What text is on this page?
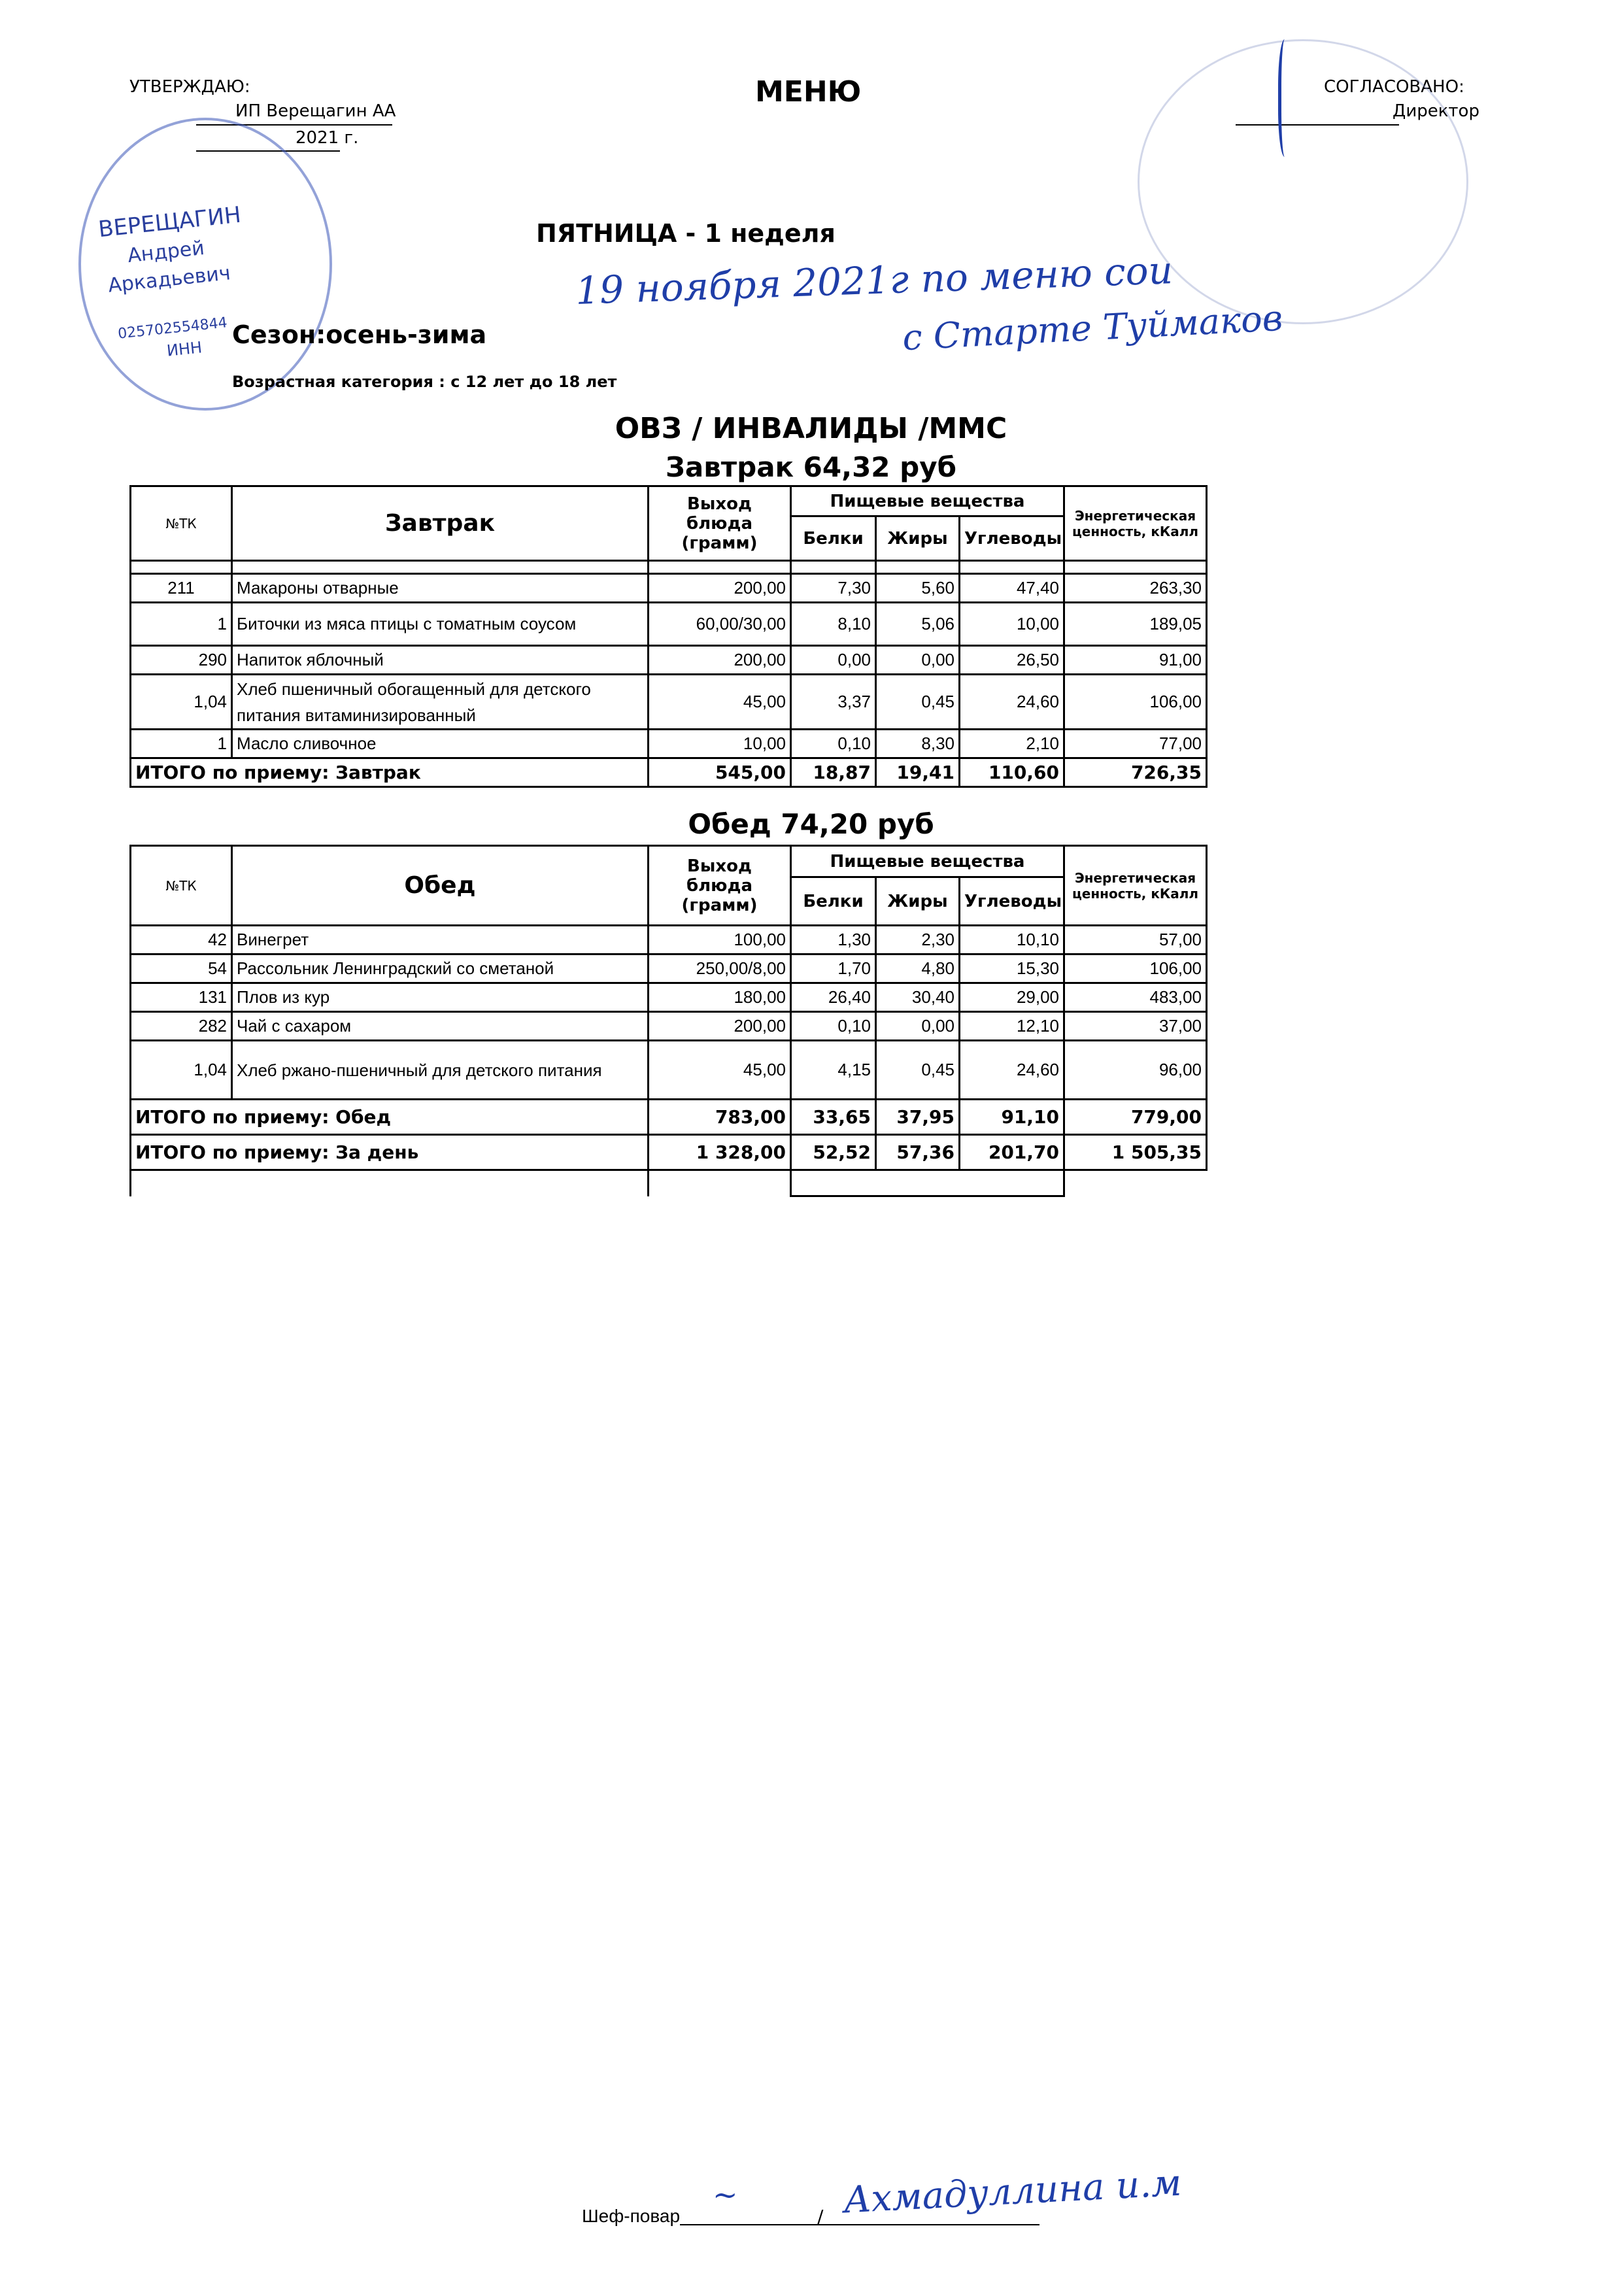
УТВЕРЖДАЮ:
ИП Верещагин АА
2021 г.
МЕНЮ	СОГЛАСОВАНО:
Директор
ВЕРЕЩАГИН
Андрей
Аркадьевич
025702554844
ИНН
ПЯТНИЦА - 1 неделя
19 ноября 2021г по меню сои
с Старте Туймаков
Сезон:осень-зима
Возрастная категория : с 12 лет до 18 лет
ОВЗ / ИНВАЛИДЫ /ММС
Завтрак 64,32 руб
№ТК	Завтрак	Выход блюда
(грамм)	Пищевые вещества			Энергетическая
ценность, кКалл
			Белки	Жиры	Углеводы	

211	Макароны отварные	200,00	7,30	5,60	47,40	263,30
1	Биточки из мяса птицы с томатным соусом	60,00/30,00	8,10	5,06	10,00	189,05
290	Напиток яблочный	200,00	0,00	0,00	26,50	91,00
1,04	Хлеб пшеничный обогащенный для детского питания витаминизированный	45,00	3,37	0,45	24,60	106,00
1	Масло сливочное	10,00	0,10	8,30	2,10	77,00
ИТОГО по приему: Завтрак		545,00	18,87	19,41	110,60	726,35
Обед 74,20 руб
№ТК	Обед	Выход блюда
(грамм)	Пищевые вещества			Энергетическая
ценность, кКалл
			Белки	Жиры	Углеводы	
42	Винегрет	100,00	1,30	2,30	10,10	57,00
54	Рассольник Ленинградский со сметаной	250,00/8,00	1,70	4,80	15,30	106,00
131	Плов из кур	180,00	26,40	30,40	29,00	483,00
282	Чай с сахаром	200,00	0,10	0,00	12,10	37,00
1,04	Хлеб ржано-пшеничный для детского питания	45,00	4,15	0,45	24,60	96,00
ИТОГО по приему: Обед		783,00	33,65	37,95	91,10	779,00
ИТОГО по приему: За день		1 328,00	52,52	57,36	201,70	1 505,35

Шеф-повар	/
~	Ахмадуллина и.м
